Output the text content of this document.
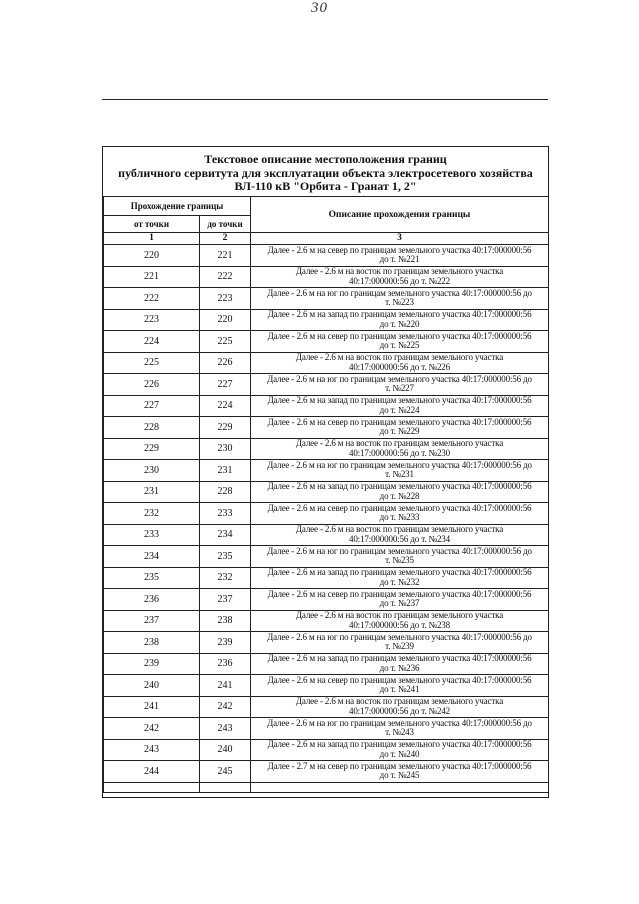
30
Текстовое описание местоположения границ
публичного сервитута для эксплуатации объекта электросетевого хозяйства
ВЛ-110 кВ "Орбита - Гранат 1, 2"
Прохождение границы		Описание прохождения границы
от точки	до точки	
1	2	3
220	221	Далее - 2.6 м на север по границам земельного участка 40:17:000000:56
до т. №221

221	222	Далее - 2.6 м на восток по границам земельного участка
40:17:000000:56 до т. №222

222	223	Далее - 2.6 м на юг по границам земельного участка 40:17:000000:56 до
т. №223

223	220	Далее - 2.6 м на запад по границам земельного участка 40:17:000000:56
до т. №220

224	225	Далее - 2.6 м на север по границам земельного участка 40:17:000000:56
до т. №225

225	226	Далее - 2.6 м на восток по границам земельного участка
40:17:000000:56 до т. №226

226	227	Далее - 2.6 м на юг по границам земельного участка 40:17:000000:56 до
т. №227

227	224	Далее - 2.6 м на запад по границам земельного участка 40:17:000000:56
до т. №224

228	229	Далее - 2.6 м на север по границам земельного участка 40:17:000000:56
до т. №229

229	230	Далее - 2.6 м на восток по границам земельного участка
40:17:000000:56 до т. №230

230	231	Далее - 2.6 м на юг по границам земельного участка 40:17:000000:56 до
т. №231

231	228	Далее - 2.6 м на запад по границам земельного участка 40:17:000000:56
до т. №228

232	233	Далее - 2.6 м на север по границам земельного участка 40:17:000000:56
до т. №233

233	234	Далее - 2.6 м на восток по границам земельного участка
40:17:000000:56 до т. №234

234	235	Далее - 2.6 м на юг по границам земельного участка 40:17:000000:56 до
т. №235

235	232	Далее - 2.6 м на запад по границам земельного участка 40:17:000000:56
до т. №232

236	237	Далее - 2.6 м на север по границам земельного участка 40:17:000000:56
до т. №237

237	238	Далее - 2.6 м на восток по границам земельного участка
40:17:000000:56 до т. №238

238	239	Далее - 2.6 м на юг по границам земельного участка 40:17:000000:56 до
т. №239

239	236	Далее - 2.6 м на запад по границам земельного участка 40:17:000000:56
до т. №236

240	241	Далее - 2.6 м на север по границам земельного участка 40:17:000000:56
до т. №241

241	242	Далее - 2.6 м на восток по границам земельного участка
40:17:000000:56 до т. №242

242	243	Далее - 2.6 м на юг по границам земельного участка 40:17:000000:56 до
т. №243

243	240	Далее - 2.6 м на запад по границам земельного участка 40:17:000000:56
до т. №240

244	245	Далее - 2.7 м на север по границам земельного участка 40:17:000000:56
до т. №245
